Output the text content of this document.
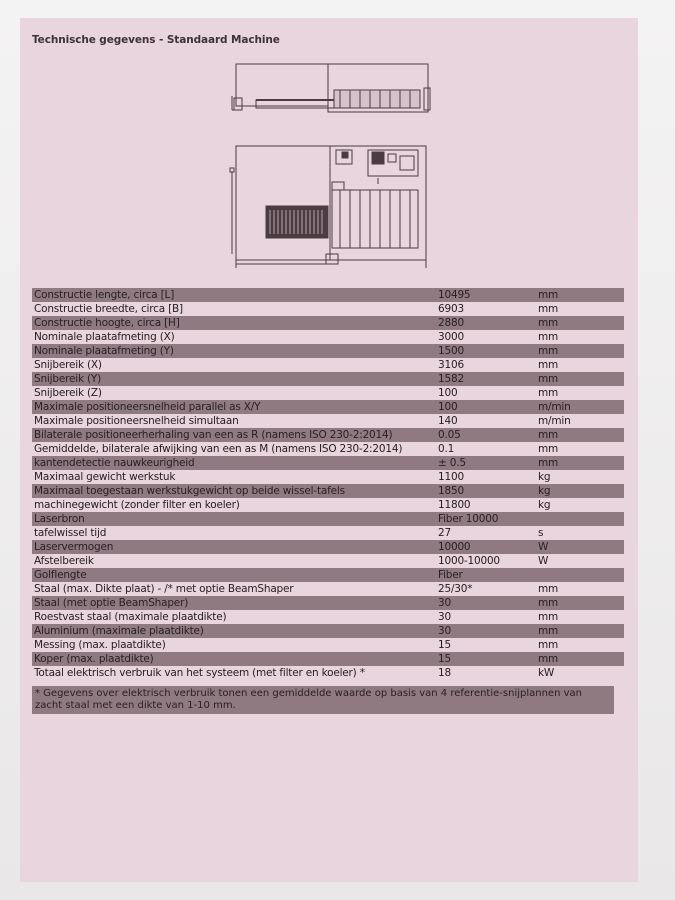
Technische gegevens - Standaard Machine
Constructie lengte, circa [L]	10495	mm
Constructie breedte, circa [B]	6903	mm
Constructie hoogte, circa [H]	2880	mm
Nominale plaatafmeting (X)	3000	mm
Nominale plaatafmeting (Y)	1500	mm
Snijbereik (X)	3106	mm
Snijbereik (Y)	1582	mm
Snijbereik (Z)	100	mm
Maximale positioneersnelheid parallel as X/Y	100	m/min
Maximale positioneersnelheid simultaan	140	m/min
Bilaterale positioneerherhaling van een as R (namens ISO 230-2:2014)	0.05	mm
Gemiddelde, bilaterale afwijking van een as M (namens ISO 230-2:2014)	0.1	mm
kantendetectie nauwkeurigheid	± 0.5	mm
Maximaal gewicht werkstuk	1100	kg
Maximaal toegestaan werkstukgewicht op beide wissel-tafels	1850	kg
machinegewicht (zonder filter en koeler)	11800	kg
Laserbron	Fiber 10000
tafelwissel tijd	27	s
Laservermogen	10000	W
Afstelbereik	1000-10000	W
Golflengte	Fiber
Staal (max. Dikte plaat) - /* met optie BeamShaper	25/30*	mm
Staal (met optie BeamShaper)	30	mm
Roestvast staal (maximale plaatdikte)	30	mm
Aluminium (maximale plaatdikte)	30	mm
Messing (max. plaatdikte)	15	mm
Koper (max. plaatdikte)	15	mm
Totaal elektrisch verbruik van het systeem (met filter en koeler) *	18	kW
* Gegevens over elektrisch verbruik tonen een gemiddelde waarde op basis van 4 referentie-snijplannen van zacht staal met een dikte van 1-10 mm.
